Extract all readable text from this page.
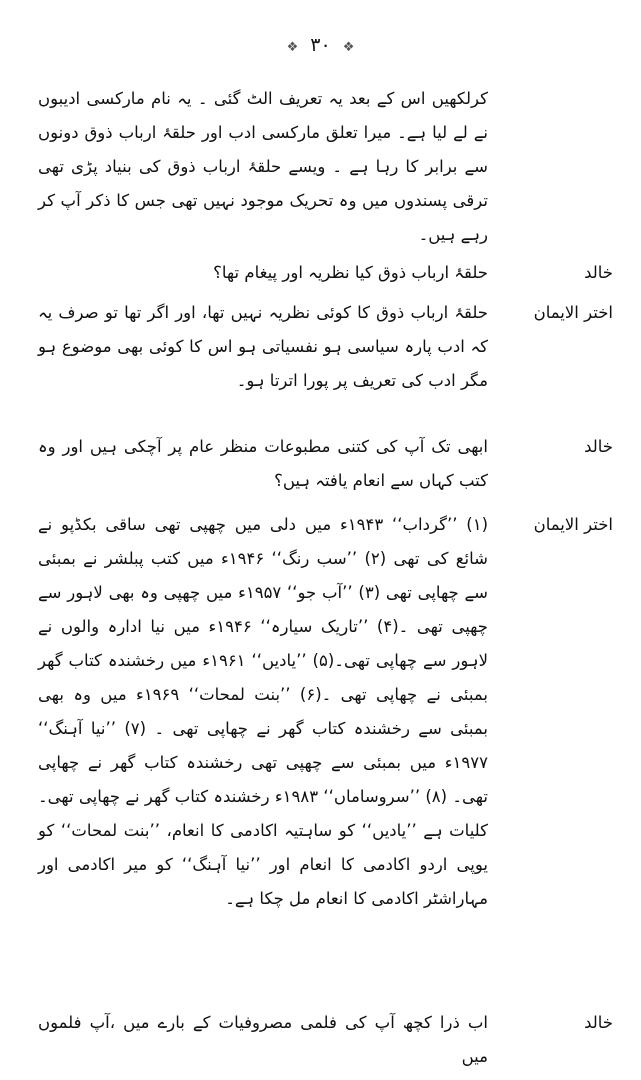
❖ ۳۰ ❖
کرلکھیں اس کے بعد یہ تعریف الٹ گئی ۔ یہ نام مارکسی ادیبوں نے لے لیا ہے۔ میرا تعلق مارکسی ادب اور حلقۂ ارباب ذوق دونوں سے برابر کا رہا ہے ۔ ویسے حلقۂ ارباب ذوق کی بنیاد پڑی تھی ترقی پسندوں میں وہ تحریک موجود نہیں تھی جس کا ذکر آپ کر رہے ہیں۔
خالد
حلقۂ ارباب ذوق کیا نظریہ اور پیغام تھا؟
اختر الایمان
حلقۂ ارباب ذوق کا کوئی نظریہ نہیں تھا، اور اگر تھا تو صرف یہ کہ ادب پارہ سیاسی ہو نفسیاتی ہو اس کا کوئی بھی موضوع ہو مگر ادب کی تعریف پر پورا اترتا ہو۔
خالد
ابھی تک آپ کی کتنی مطبوعات منظر عام پر آچکی ہیں اور وہ کتب کہاں سے انعام یافتہ ہیں؟
اختر الایمان
(۱) ’’گرداب‘‘ ۱۹۴۳ء میں دلی میں چھپی تھی ساقی بکڈپو نے شائع کی تھی (۲) ’’سب رنگ‘‘ ۱۹۴۶ء میں کتب پبلشر نے بمبئی سے چھاپی تھی (۳) ’’آب جو‘‘ ۱۹۵۷ء میں چھپی وہ بھی لاہور سے چھپی تھی ۔(۴) ’’تاریک سیارہ‘‘ ۱۹۴۶ء میں نیا ادارہ والوں نے لاہور سے چھاپی تھی۔(۵) ’’یادیں‘‘ ۱۹۶۱ء میں رخشندہ کتاب گھر بمبئی نے چھاپی تھی ۔(۶) ’’بنت لمحات‘‘ ۱۹۶۹ء میں وہ بھی بمبئی سے رخشندہ کتاب گھر نے چھاپی تھی ۔ (۷) ’’نیا آہنگ‘‘ ۱۹۷۷ء میں بمبئی سے چھپی تھی رخشندہ کتاب گھر نے چھاپی تھی۔ (۸) ’’سروساماں‘‘ ۱۹۸۳ء رخشندہ کتاب گھر نے چھاپی تھی۔ کلیات ہے ’’یادیں‘‘ کو ساہتیہ اکادمی کا انعام، ’’بنت لمحات‘‘ کو یوپی اردو اکادمی کا انعام اور ’’نیا آہنگ‘‘ کو میر اکادمی اور مہاراشٹر اکادمی کا انعام مل چکا ہے۔
خالد
اب ذرا کچھ آپ کی فلمی مصروفیات کے بارے میں ،آپ فلموں میں
